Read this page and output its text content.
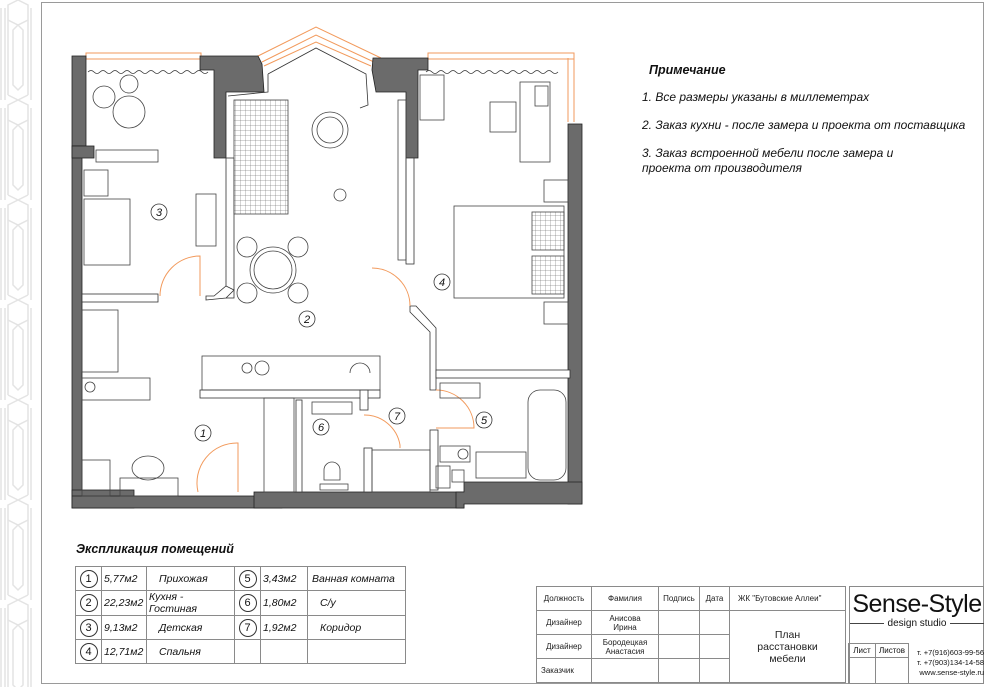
1
2
3
4
5
6
7
Примечание
1. Все размеры указаны в миллеметрах
2. Заказ кухни - после замера и проекта от поставщика
3. Заказ встроенной мебели после замера и проекта от производителя
Экспликация помещений
1	5,77м2	Прихожая	5	3,43м2	Ванная комната
2	22,23м2	Кухня - Гостиная	6	1,80м2	С/у
3	9,13м2	Детская	7	1,92м2	Коридор
4	12,71м2	Спальня			
Должность	Фамилия	Подпись	Дата	ЖК "Бутовские Аллеи"
Дизайнер	Анисова Ирина			План расстановки мебели
Дизайнер	Бородецкая Анастасия			
Заказчик				
Sense-Style
design studio
Лист	Листов
		т. +7(916)603-99-56
т. +7(903)134-14-58
www.sense-style.ru
